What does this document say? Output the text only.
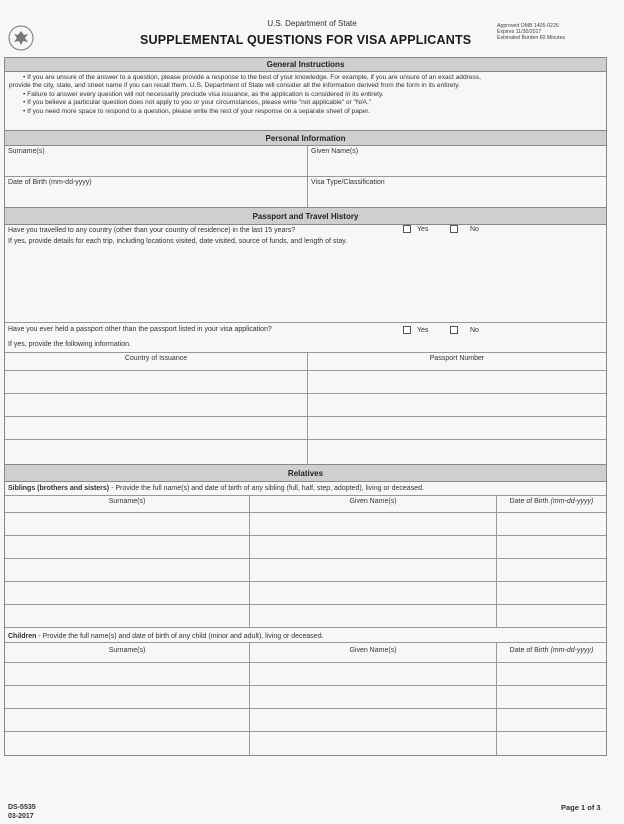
U.S. Department of State
SUPPLEMENTAL QUESTIONS FOR VISA APPLICANTS
Approved OMB 1405-0226
Expires 11/30/2017
Estimated Burden 60 Minutes
General Instructions
• If you are unsure of the answer to a question, please provide a response to the best of your knowledge. For example, if you are unsure of an exact address,
provide the city, state, and street name if you can recall them. U.S. Department of State will consider all the information derived from the form in its entirety.
• Failure to answer every question will not necessarily preclude visa issuance, as the application is considered in its entirety.
• If you believe a particular question does not apply to you or your circumstances, please write "not applicable" or "N/A."
• If you need more space to respond to a question, please write the rest of your response on a separate sheet of paper.
Personal Information
Surname(s)	Given Name(s)
Date of Birth (mm-dd-yyyy)	Visa Type/Classification
Passport and Travel History
Have you travelled to any country (other than your country of residence) in the last 15 years?	Yes	No
If yes, provide details for each trip, including locations visited, date visited, source of funds, and length of stay.
Have you ever held a passport other than the passport listed in your visa application?	Yes	No
If yes, provide the following information.
Country of Issuance	Passport Number
Relatives
Siblings (brothers and sisters) - Provide the full name(s) and date of birth of any sibling (full, half, step, adopted), living or deceased.
Surname(s)	Given Name(s)	Date of Birth (mm-dd-yyyy)
Children - Provide the full name(s) and date of birth of any child (minor and adult), living or deceased.
Surname(s)	Given Name(s)	Date of Birth (mm-dd-yyyy)
DS-5535
03-2017
Page 1 of 3
